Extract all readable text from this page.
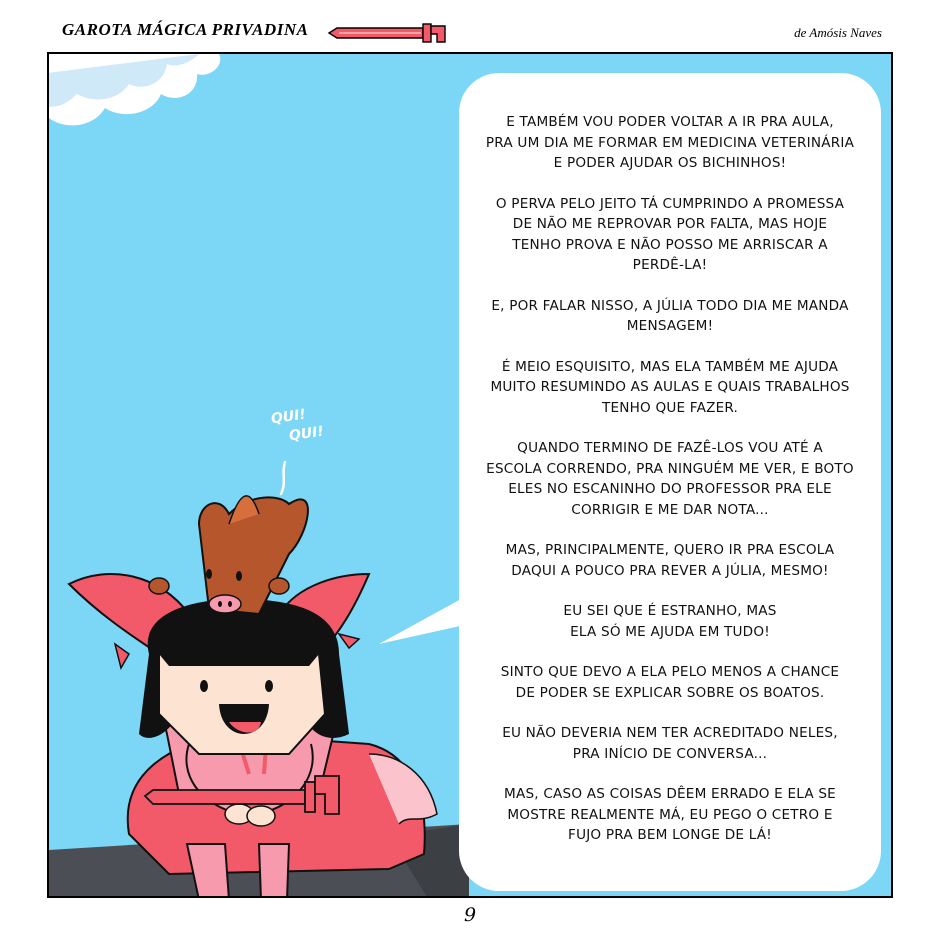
GAROTA MÁGICA PRIVADINA	de Amósis Naves
QUI!
QUI!

E TAMBÉM VOU PODER VOLTAR A IR PRA AULA,
PRA UM DIA ME FORMAR EM MEDICINA VETERINÁRIA
E PODER AJUDAR OS BICHINHOS!

O PERVA PELO JEITO TÁ CUMPRINDO A PROMESSA
DE NÃO ME REPROVAR POR FALTA, MAS HOJE
TENHO PROVA E NÃO POSSO ME ARRISCAR A
PERDÊ-LA!

E, POR FALAR NISSO, A JÚLIA TODO DIA ME MANDA
MENSAGEM!

É MEIO ESQUISITO, MAS ELA TAMBÉM ME AJUDA
MUITO RESUMINDO AS AULAS E QUAIS TRABALHOS
TENHO QUE FAZER.

QUANDO TERMINO DE FAZÊ-LOS VOU ATÉ A
ESCOLA CORRENDO, PRA NINGUÉM ME VER, E BOTO
ELES NO ESCANINHO DO PROFESSOR PRA ELE
CORRIGIR E ME DAR NOTA...

MAS, PRINCIPALMENTE, QUERO IR PRA ESCOLA
DAQUI A POUCO PRA REVER A JÚLIA, MESMO!

EU SEI QUE É ESTRANHO, MAS
ELA SÓ ME AJUDA EM TUDO!

SINTO QUE DEVO A ELA PELO MENOS A CHANCE
DE PODER SE EXPLICAR SOBRE OS BOATOS.

EU NÃO DEVERIA NEM TER ACREDITADO NELES,
PRA INÍCIO DE CONVERSA...

MAS, CASO AS COISAS DÊEM ERRADO E ELA SE
MOSTRE REALMENTE MÁ, EU PEGO O CETRO E
FUJO PRA BEM LONGE DE LÁ!

9
